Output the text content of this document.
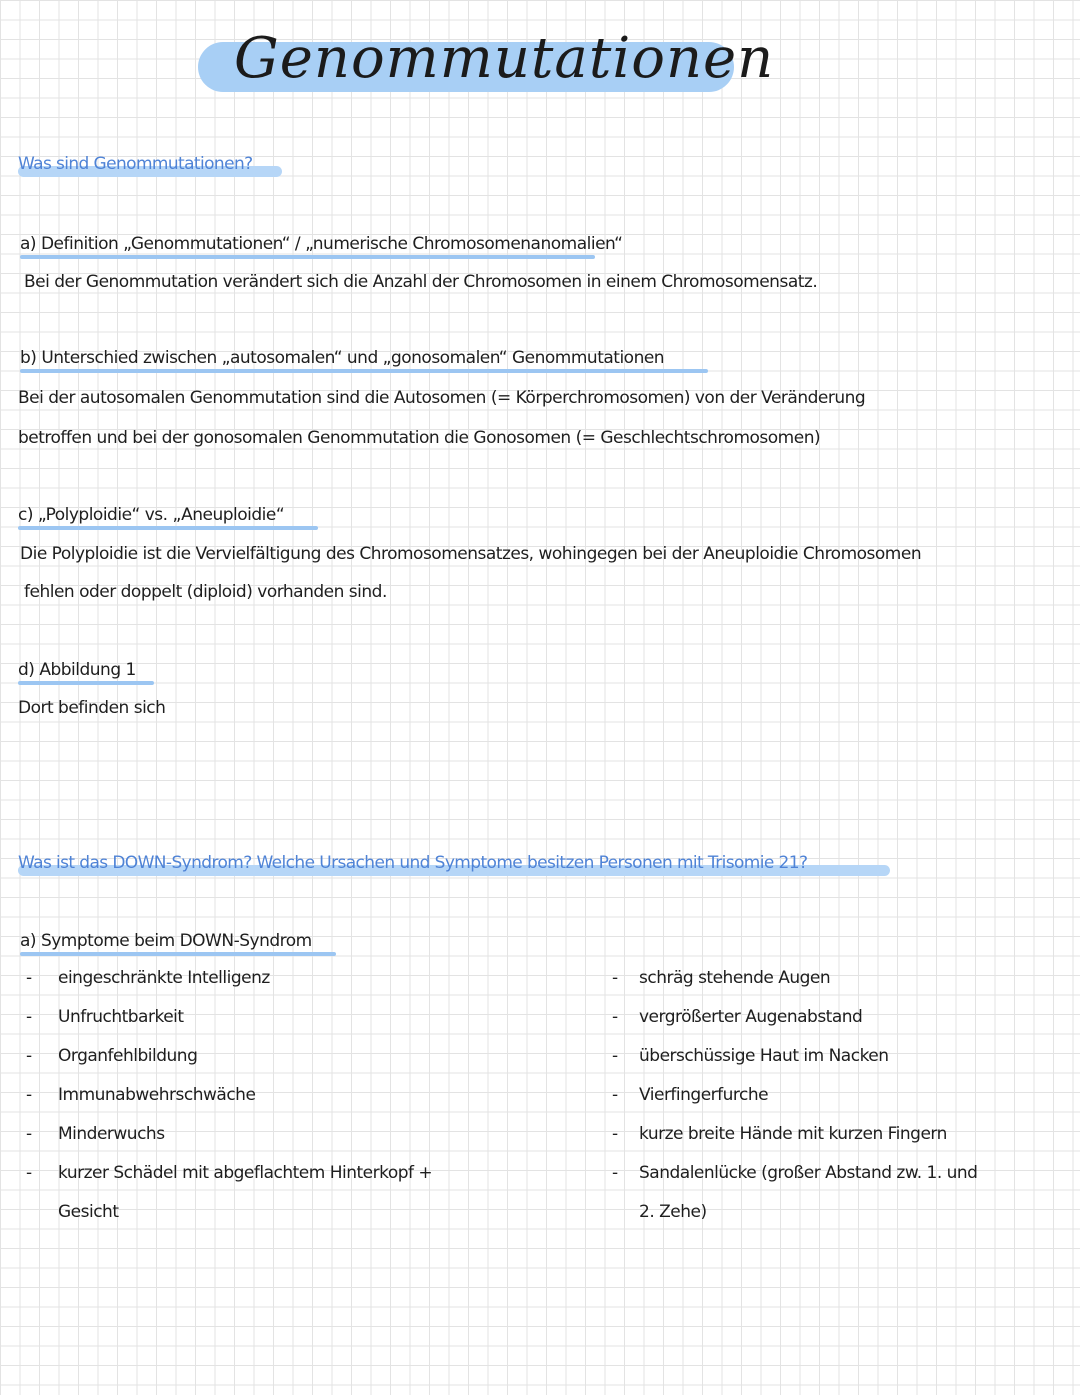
Genommutationen
Was sind Genommutationen?
a) Definition „Genommutationen“ / „numerische Chromosomenanomalien“
Bei der Genommutation verändert sich die Anzahl der Chromosomen in einem Chromosomensatz.
b) Unterschied zwischen „autosomalen“ und „gonosomalen“ Genommutationen
Bei der autosomalen Genommutation sind die Autosomen (= Körperchromosomen) von der Veränderung
betroffen und bei der gonosomalen Genommutation die Gonosomen (= Geschlechtschromosomen)
c) „Polyploidie“ vs. „Aneuploidie“
Die Polyploidie ist die Vervielfältigung des Chromosomensatzes, wohingegen bei der Aneuploidie Chromosomen
fehlen oder doppelt (diploid) vorhanden sind.
d) Abbildung 1
Dort befinden sich
Was ist das DOWN-Syndrom? Welche Ursachen und Symptome besitzen Personen mit Trisomie 21?
a) Symptome beim DOWN-Syndrom
- eingeschränkte Intelligenz
- Unfruchtbarkeit
- Organfehlbildung
- Immunabwehrschwäche
- Minderwuchs
- kurzer Schädel mit abgeflachtem Hinterkopf +
Gesicht
- schräg stehende Augen
- vergrößerter Augenabstand
- überschüssige Haut im Nacken
- Vierfingerfurche
- kurze breite Hände mit kurzen Fingern
- Sandalenlücke (großer Abstand zw. 1. und
2. Zehe)
